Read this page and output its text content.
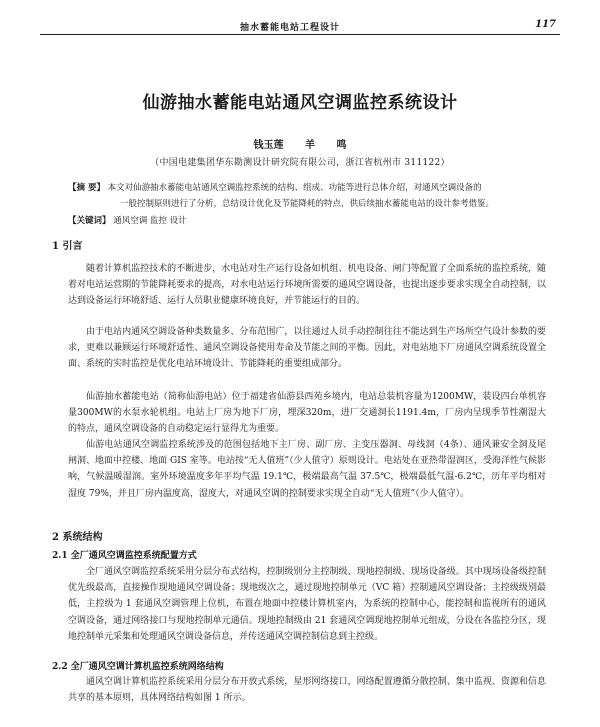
抽水蓄能电站工程设计	117
仙游抽水蓄能电站通风空调监控系统设计
钱玉莲 羊 鸣
（中国电建集团华东勘测设计研究院有限公司，浙江省杭州市 311122）
【摘 要】 本文对仙游抽水蓄能电站通风空调监控系统的结构、组成、功能等进行总体介绍，对通风空调设备的
一般控制原则进行了分析，总结设计优化及节能降耗的特点，供后续抽水蓄能电站的设计参考借鉴。
【关键词】 通风空调 监控 设计
1 引言
随着计算机监控技术的不断进步，水电站对生产运行设备如机组、机电设备、闸门等配置了全面系统的监控系统，随着对电站运营期的节能降耗要求的提高，对水电站运行环境所需要的通风空调设备，也提出逐步要求实现全自动控制，以达到设备运行环境舒适、运行人员职业健康环境良好，并节能运行的目的。
由于电站内通风空调设备种类数量多、分布范围广，以往通过人员手动控制往往不能达到生产场所空气设计参数的要求，更难以兼顾运行环境舒适性、通风空调设备使用寿命及节能之间的平衡。因此，对电站地下厂房通风空调系统设置全面、系统的实时监控是优化电站环境设计、节能降耗的重要组成部分。
仙游抽水蓄能电站（简称仙游电站）位于福建省仙游县西苑乡境内，电站总装机容量为1200MW，装设四台单机容量300MW的水泵水轮机组。电站上厂房为地下厂房，埋深320m，进厂交通洞长1191.4m，厂房内呈现季节性潮湿大的特点，通风空调设备的自动稳定运行显得尤为重要。
仙游电站通风空调监控系统涉及的范围包括地下主厂房、副厂房、主变压器洞、母线洞（4条）、通风兼安全洞及尾闸洞、地面中控楼、地面 GIS 室等。电站按“无人值班”（少人值守）原则设计。电站处在亚热带湿润区，受海洋性气候影响，气候温暖湿润。室外环境温度多年平均气温 19.1℃，极端最高气温 37.5℃，极端最低气温-6.2℃，历年平均相对湿度 79%，并且厂房内温度高，湿度大，对通风空调的控制要求实现全自动“无人值班”（少人值守）。
2 系统结构
2.1 全厂通风空调监控系统配置方式
全厂通风空调监控系统采用分层分布式结构，控制级别分主控制级、现地控制级、现场设备级。其中现场设备级控制优先级最高，直接操作现地通风空调设备；现地级次之，通过现地控制单元（VC 箱）控制通风空调设备；主控级级别最低，主控级为 1 套通风空调管理上位机，布置在地面中控楼计算机室内，为系统的控制中心，能控制和监视所有的通风空调设备，通过网络接口与现地控制单元通信。现地控制级由 21 套通风空调现地控制单元组成，分设在各监控分区，现地控制单元采集和处理通风空调设备信息，并传送通风空调控制信息到主控级。
2.2 全厂通风空调计算机监控系统网络结构
通风空调计算机监控系统采用分层分布开放式系统，星形网络接口，网络配置遵循分散控制、集中监视、资源和信息共享的基本原则，具体网络结构如图 1 所示。
